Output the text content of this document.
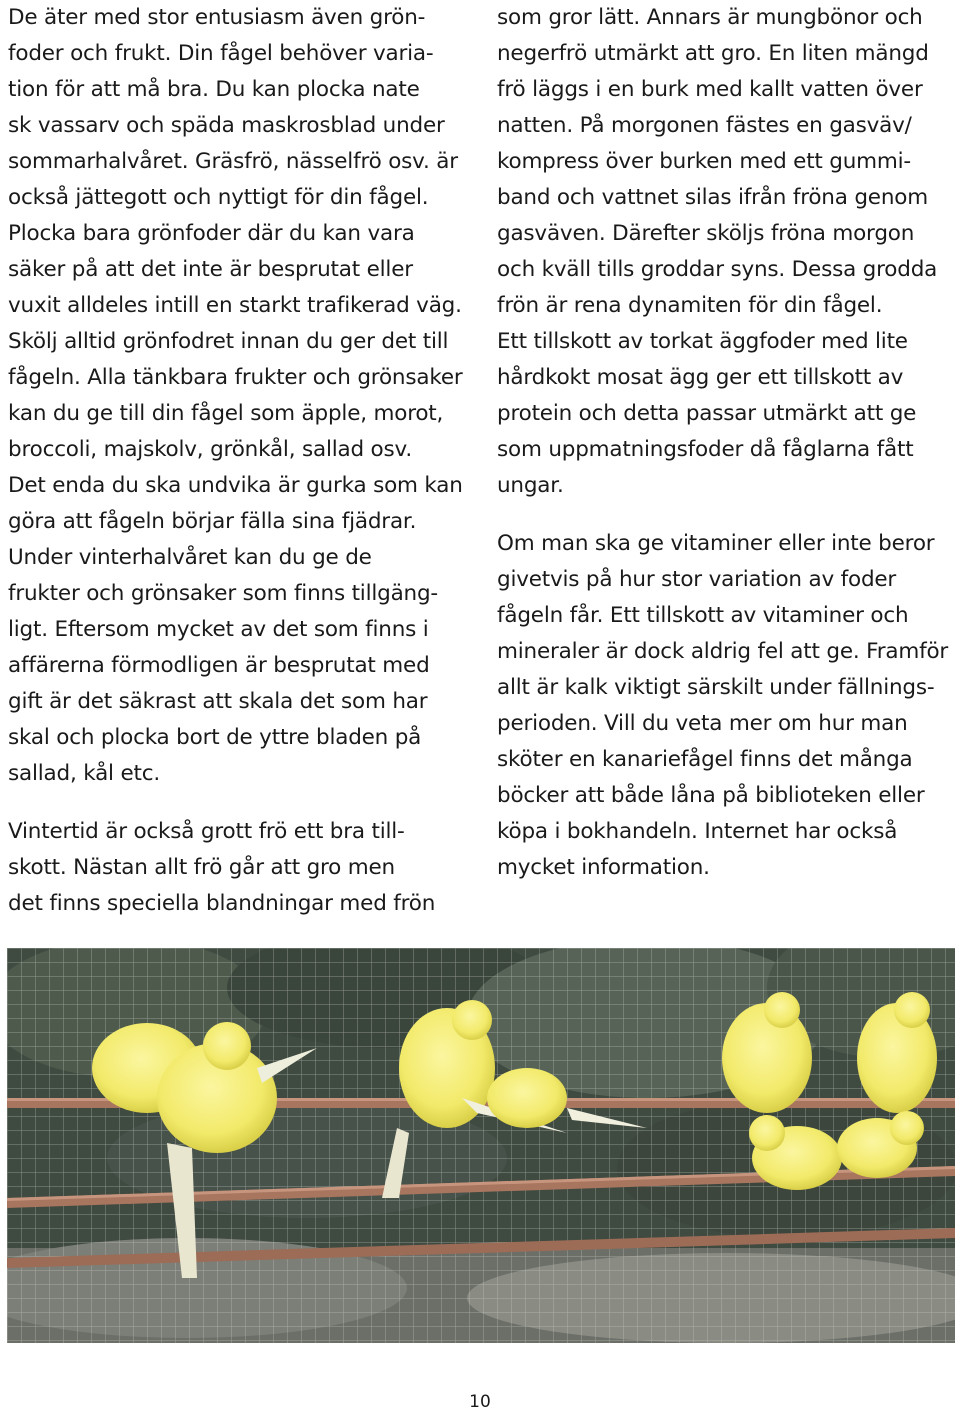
De äter med stor entusiasm även grön-
foder och frukt. Din fågel behöver varia-
tion för att må bra. Du kan plocka nate
sk vassarv och späda maskrosblad under
sommarhalvåret. Gräsfrö, nässelfrö osv. är
också jättegott och nyttigt för din fågel.
Plocka bara grönfoder där du kan vara
säker på att det inte är besprutat eller
vuxit alldeles intill en starkt trafikerad väg.
Skölj alltid grönfodret innan du ger det till
fågeln. Alla tänkbara frukter och grönsaker
kan du ge till din fågel som äpple, morot,
broccoli, majskolv, grönkål, sallad osv.
Det enda du ska undvika är gurka som kan
göra att fågeln börjar fälla sina fjädrar.
Under vinterhalvåret kan du ge de
frukter och grönsaker som finns tillgäng-
ligt. Eftersom mycket av det som finns i
affärerna förmodligen är besprutat med
gift är det säkrast att skala det som har
skal och plocka bort de yttre bladen på
sallad, kål etc.
Vintertid är också grott frö ett bra till-
skott. Nästan allt frö går att gro men
det finns speciella blandningar med frön
som gror lätt. Annars är mungbönor och
negerfrö utmärkt att gro. En liten mängd
frö läggs i en burk med kallt vatten över
natten. På morgonen fästes en gasväv/
kompress över burken med ett gummi-
band och vattnet silas ifrån fröna genom
gasväven. Därefter sköljs fröna morgon
och kväll tills groddar syns. Dessa grodda
frön är rena dynamiten för din fågel.
Ett tillskott av torkat äggfoder med lite
hårdkokt mosat ägg ger ett tillskott av
protein och detta passar utmärkt att ge
som uppmatningsfoder då fåglarna fått
ungar.
Om man ska ge vitaminer eller inte beror
givetvis på hur stor variation av foder
fågeln får. Ett tillskott av vitaminer och
mineraler är dock aldrig fel att ge. Framför
allt är kalk viktigt särskilt under fällnings-
perioden. Vill du veta mer om hur man
sköter en kanariefågel finns det många
böcker att både låna på biblioteken eller
köpa i bokhandeln. Internet har också
mycket information.
10
